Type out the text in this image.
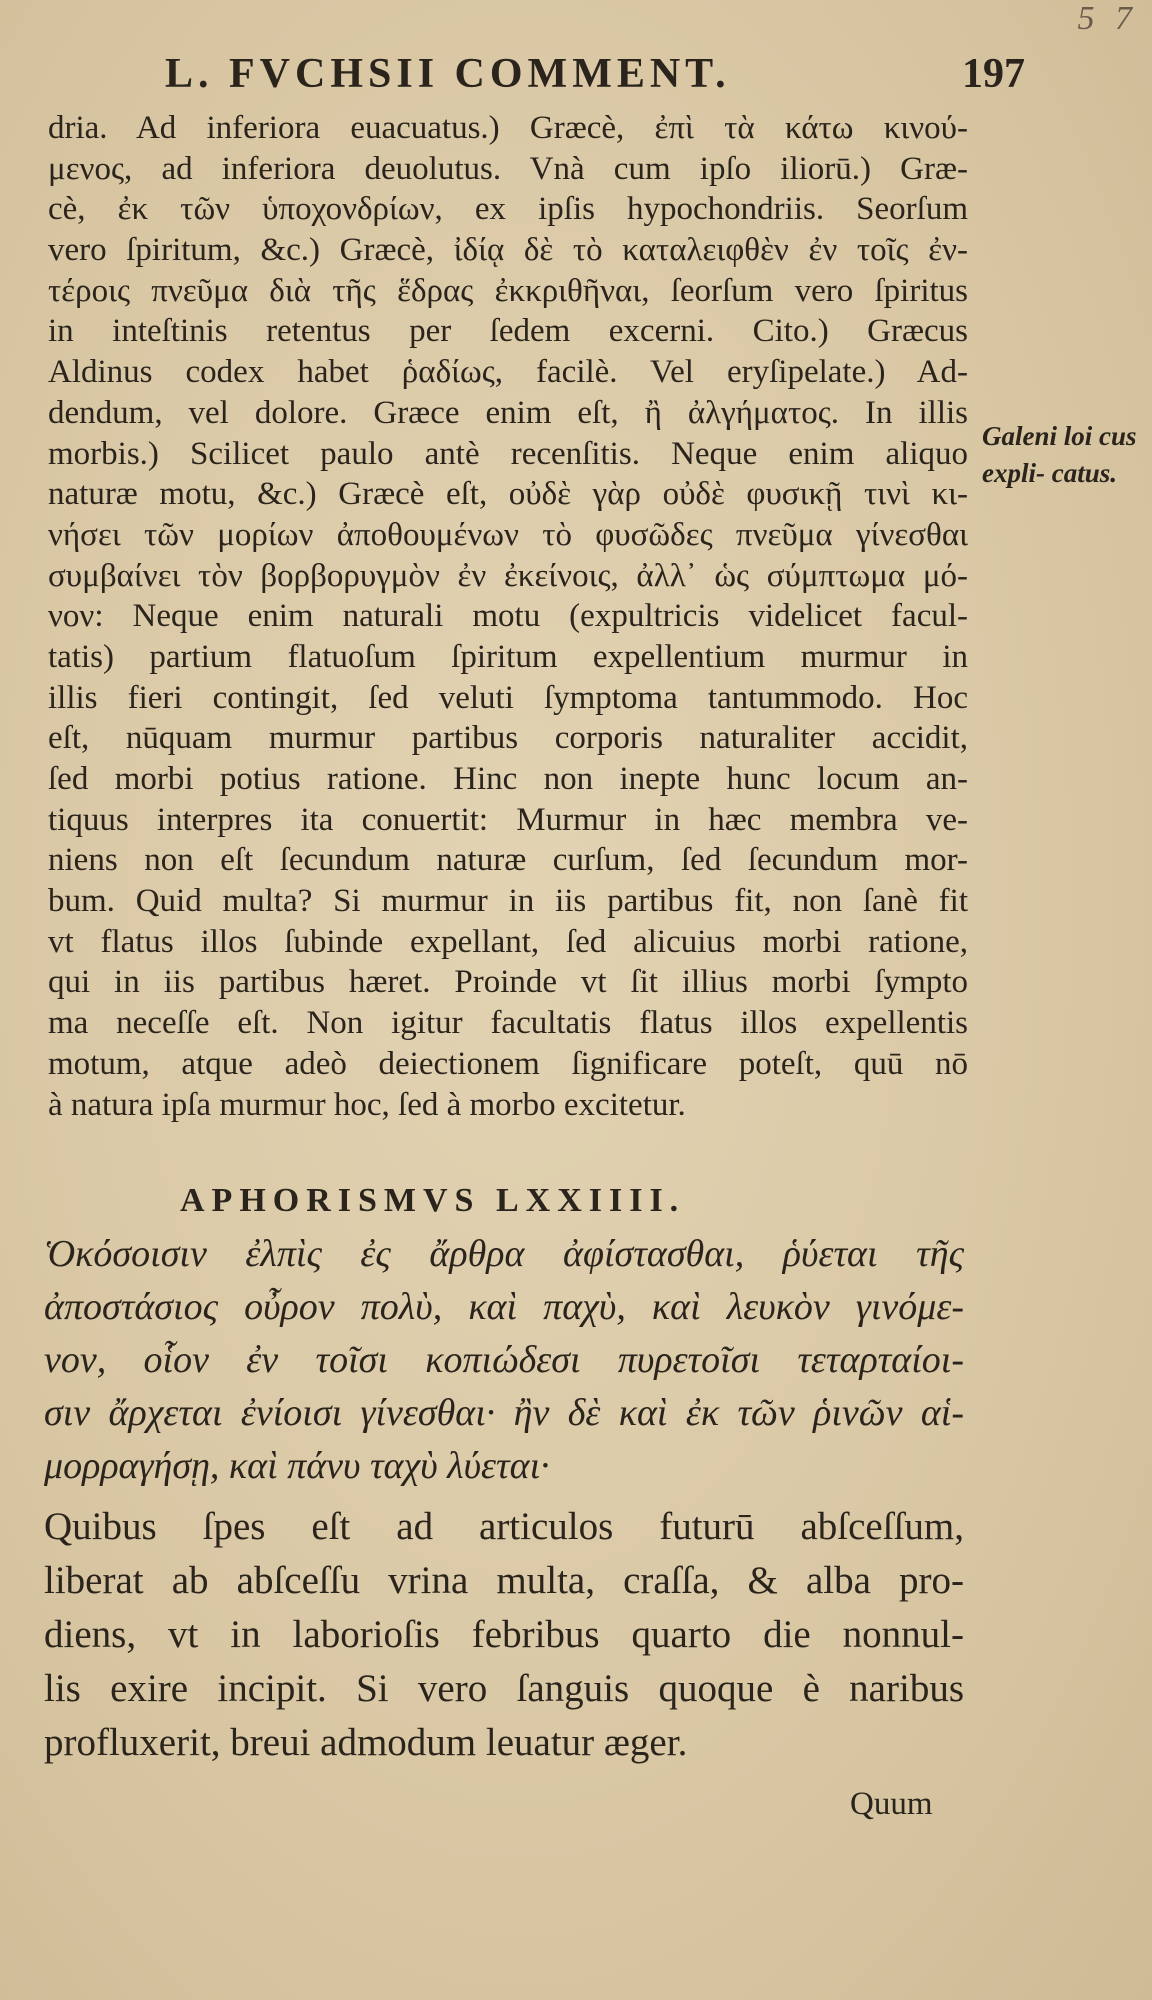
5 7
L. FVCHSII COMMENT.	197
dria. Ad inferiora euacuatus.) Græcè, ἐπὶ τὰ κάτω κινού-
μενος, ad inferiora deuolutus. Vnà cum ipſo iliorū.) Græ-
cè, ἐκ τῶν ὑποχονδρίων, ex ipſis hypochondriis. Seorſum
vero ſpiritum, &c.) Græcè, ἰδίᾳ δὲ τὸ καταλειφθὲν ἐν τοῖς ἐν-
τέροις πνεῦμα διὰ τῆς ἕδρας ἐκκριθῆναι, ſeorſum vero ſpiritus
in inteſtinis retentus per ſedem excerni. Cito.) Græcus
Aldinus codex habet ῥαδίως, facilè. Vel eryſipelate.) Ad-
dendum, vel dolore. Græce enim eſt, ἢ ἀλγήματος. In illis
morbis.) Scilicet paulo antè recenſitis. Neque enim aliquo
naturæ motu, &c.) Græcè eſt, οὐδὲ γὰρ οὐδὲ φυσικῇ τινὶ κι-
νήσει τῶν μορίων ἀποθουμένων τὸ φυσῶδες πνεῦμα γίνεσθαι
συμβαίνει τὸν βορβορυγμὸν ἐν ἐκείνοις, ἀλλ᾽ ὡς σύμπτωμα μό-
νον: Neque enim naturali motu (expultricis videlicet facul-
tatis) partium flatuoſum ſpiritum expellentium murmur in
illis fieri contingit, ſed veluti ſymptoma tantummodo. Hoc
eſt, nūquam murmur partibus corporis naturaliter accidit,
ſed morbi potius ratione. Hinc non inepte hunc locum an-
tiquus interpres ita conuertit: Murmur in hæc membra ve-
niens non eſt ſecundum naturæ curſum, ſed ſecundum mor-
bum. Quid multa? Si murmur in iis partibus fit, non ſanè fit
vt flatus illos ſubinde expellant, ſed alicuius morbi ratione,
qui in iis partibus hæret. Proinde vt ſit illius morbi ſympto
ma neceſſe eſt. Non igitur facultatis flatus illos expellentis
motum, atque adeò deiectionem ſignificare poteſt, quū nō
à natura ipſa murmur hoc, ſed à morbo excitetur.
Galeni loi cus expli- catus.
APHORISMVS LXXIIII.
Ὁκόσοισιν ἐλπὶς ἐς ἄρθρα ἀφίστασθαι, ῥύεται τῆς
ἀποστάσιος οὖρον πολὺ, καὶ παχὺ, καὶ λευκὸν γινόμε-
νον, οἷον ἐν τοῖσι κοπιώδεσι πυρετοῖσι τεταρταίοι-
σιν ἄρχεται ἐνίοισι γίνεσθαι· ἢν δὲ καὶ ἐκ τῶν ῥινῶν αἱ-
μορραγήσῃ, καὶ πάνυ ταχὺ λύεται·
Quibus ſpes eſt ad articulos futurū abſceſſum,
liberat ab abſceſſu vrina multa, craſſa, & alba pro-
diens, vt in laborioſis febribus quarto die nonnul-
lis exire incipit. Si vero ſanguis quoque è naribus
profluxerit, breui admodum leuatur æger.
Quum
